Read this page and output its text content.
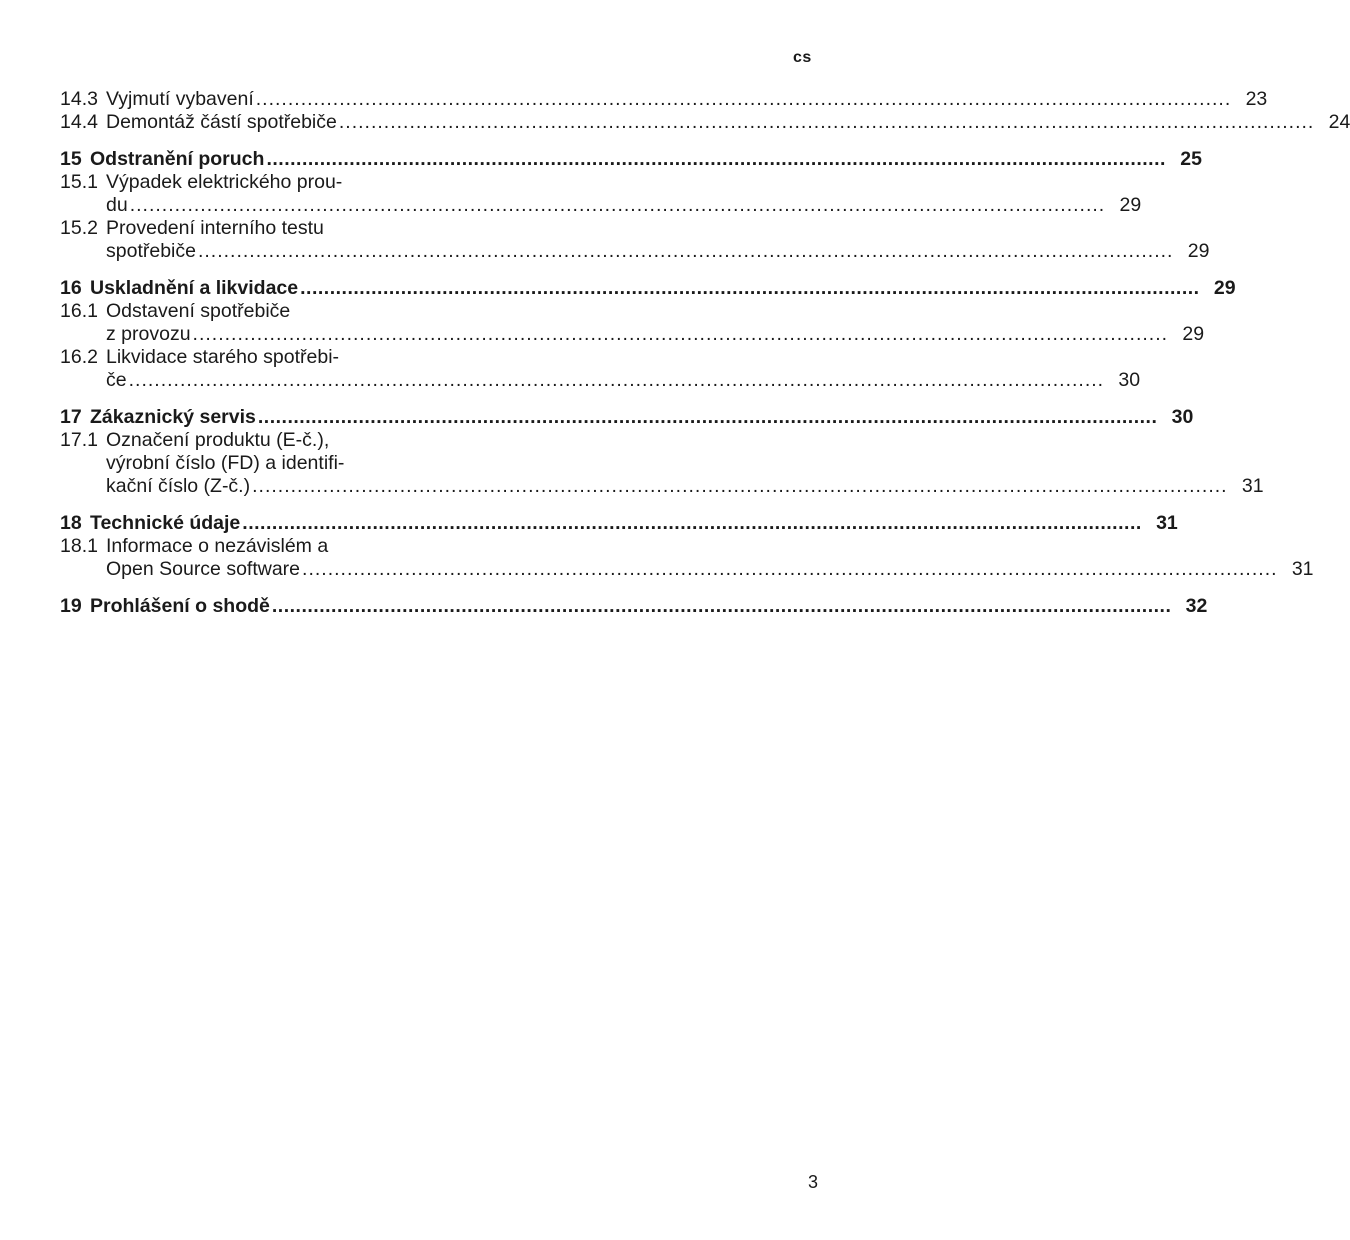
cs
14.3 Vyjmutí vybavení .....	23
14.4 Demontáž částí spotřebiče .....	24
15 Odstranění poruch .....	25
15.1 Výpadek elektrického prou-
du .....	29
15.2 Provedení interního testu
spotřebiče .....	29
16 Uskladnění a likvidace .....	29
16.1 Odstavení spotřebiče
z provozu .....	29
16.2 Likvidace starého spotřebi-
če .....	30
17 Zákaznický servis .....	30
17.1 Označení produktu (E-č.),
výrobní číslo (FD) a identifi-
kační číslo (Z-č.) .....	31
18 Technické údaje .....	31
18.1 Informace o nezávislém a
Open Source software .....	31
19 Prohlášení o shodě .....	32
3
